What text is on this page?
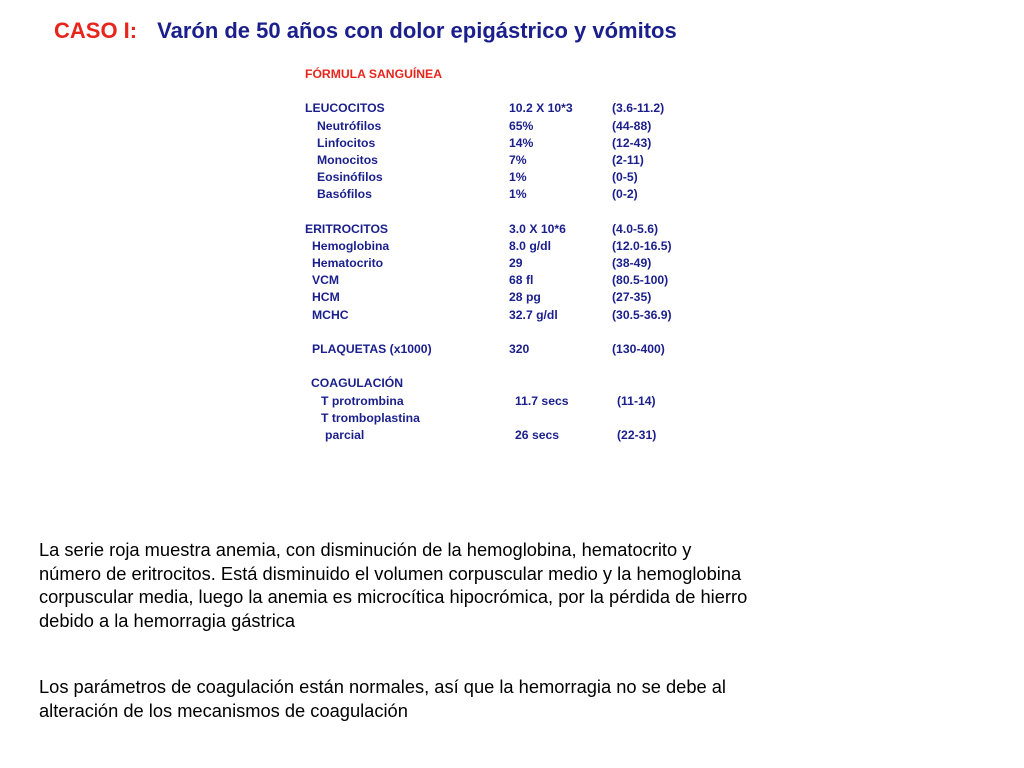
CASO I: Varón de 50 años con dolor epigástrico y vómitos
FÓRMULA SANGUÍNEA
LEUCOCITOS	10.2 X 10*3	(3.6-11.2)
Neutrófilos	65%	(44-88)
Linfocitos	14%	(12-43)
Monocitos	7%	(2-11)
Eosinófilos	1%	(0-5)
Basófilos	1%	(0-2)
ERITROCITOS	3.0 X 10*6	(4.0-5.6)
Hemoglobina	8.0 g/dl	(12.0-16.5)
Hematocrito	29	(38-49)
VCM	68 fl	(80.5-100)
HCM	28 pg	(27-35)
MCHC	32.7 g/dl	(30.5-36.9)
PLAQUETAS (x1000)	320	(130-400)
COAGULACIÓN
T protrombina	11.7 secs	(11-14)
T tromboplastina
parcial	26 secs	(22-31)
La serie roja muestra anemia, con disminución de la hemoglobina, hematocrito y
número de eritrocitos. Está disminuido el volumen corpuscular medio y la hemoglobina
corpuscular media, luego la anemia es microcítica hipocrómica, por la pérdida de hierro
debido a la hemorragia gástrica
Los parámetros de coagulación están normales, así que la hemorragia no se debe al
alteración de los mecanismos de coagulación
